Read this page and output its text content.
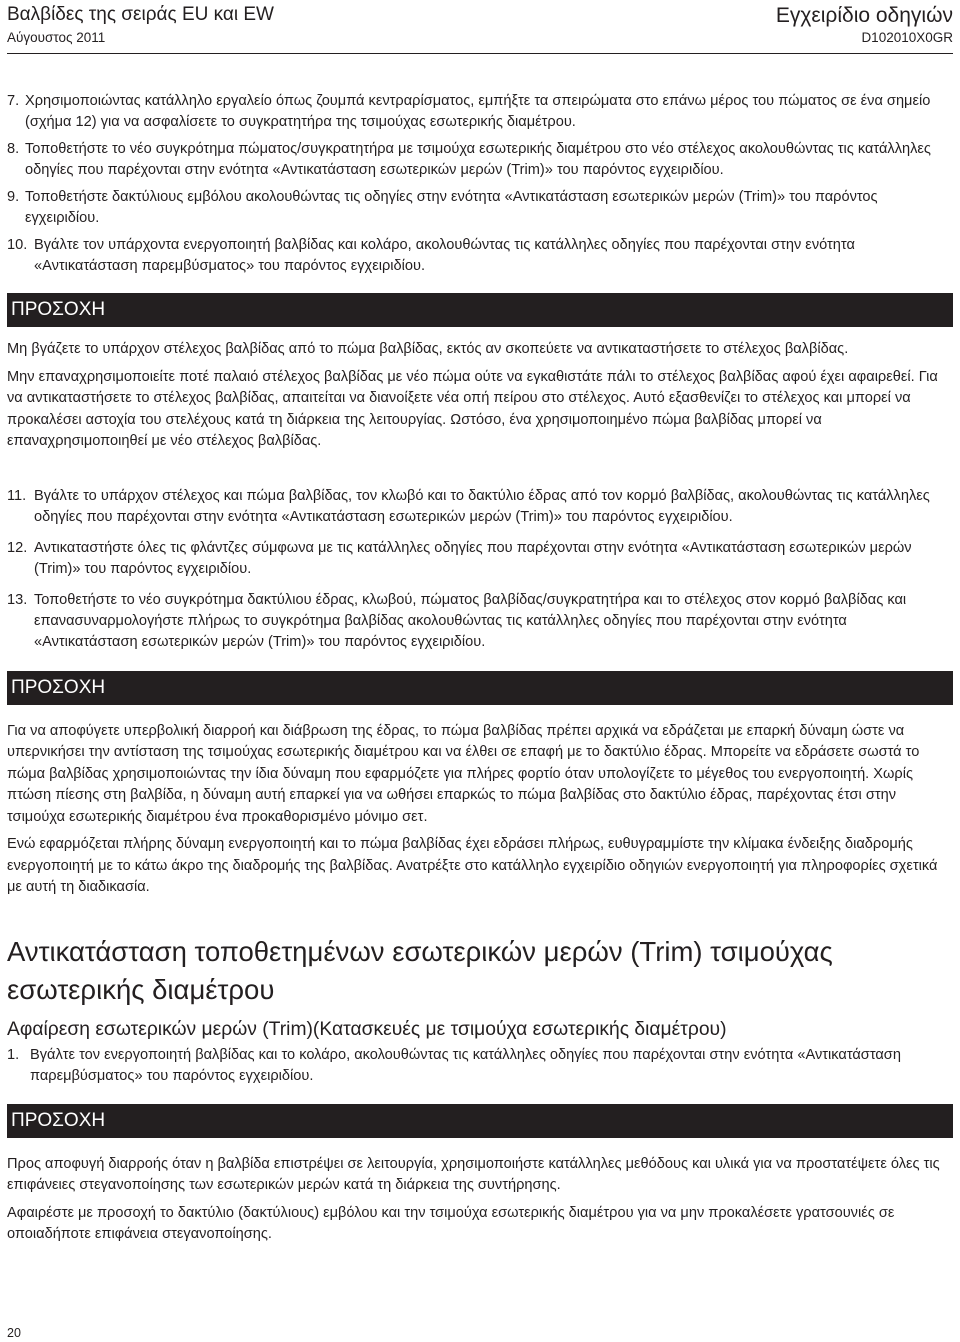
Βαλβίδες της σειράς EU και EW
Αύγουστος 2011
Εγχειρίδιο οδηγιών
D102010X0GR

7. Χρησιμοποιώντας κατάλληλο εργαλείο όπως ζουμπά κεντραρίσματος, εμπήξτε τα σπειρώματα στο επάνω μέρος του πώματος σε ένα σημείο (σχήμα 12) για να ασφαλίσετε το συγκρατητήρα της τσιμούχας εσωτερικής διαμέτρου.

8. Τοποθετήστε το νέο συγκρότημα πώματος/συγκρατητήρα με τσιμούχα εσωτερικής διαμέτρου στο νέο στέλεχος ακολουθώντας τις κατάλληλες οδηγίες που παρέχονται στην ενότητα «Αντικατάσταση εσωτερικών μερών (Trim)» του παρόντος εγχειριδίου.

9. Τοποθετήστε δακτύλιους εμβόλου ακολουθώντας τις οδηγίες στην ενότητα «Αντικατάσταση εσωτερικών μερών (Trim)» του παρόντος εγχειριδίου.

10. Βγάλτε τον υπάρχοντα ενεργοποιητή βαλβίδας και κολάρο, ακολουθώντας τις κατάλληλες οδηγίες που παρέχονται στην ενότητα «Αντικατάσταση παρεμβύσματος» του παρόντος εγχειριδίου.

ΠΡΟΣΟΧΗ

Μη βγάζετε το υπάρχον στέλεχος βαλβίδας από το πώμα βαλβίδας, εκτός αν σκοπεύετε να αντικαταστήσετε το στέλεχος βαλβίδας.

Μην επαναχρησιμοποιείτε ποτέ παλαιό στέλεχος βαλβίδας με νέο πώμα ούτε να εγκαθιστάτε πάλι το στέλεχος βαλβίδας αφού έχει αφαιρεθεί. Για να αντικαταστήσετε το στέλεχος βαλβίδας, απαιτείται να διανοίξετε νέα οπή πείρου στο στέλεχος. Αυτό εξασθενίζει το στέλεχος και μπορεί να προκαλέσει αστοχία του στελέχους κατά τη διάρκεια της λειτουργίας. Ωστόσο, ένα χρησιμοποιημένο πώμα βαλβίδας μπορεί να επαναχρησιμοποιηθεί με νέο στέλεχος βαλβίδας.

11. Βγάλτε το υπάρχον στέλεχος και πώμα βαλβίδας, τον κλωβό και το δακτύλιο έδρας από τον κορμό βαλβίδας, ακολουθώντας τις κατάλληλες οδηγίες που παρέχονται στην ενότητα «Αντικατάσταση εσωτερικών μερών (Trim)» του παρόντος εγχειριδίου.

12. Αντικαταστήστε όλες τις φλάντζες σύμφωνα με τις κατάλληλες οδηγίες που παρέχονται στην ενότητα «Αντικατάσταση εσωτερικών μερών (Trim)» του παρόντος εγχειριδίου.

13. Τοποθετήστε το νέο συγκρότημα δακτύλιου έδρας, κλωβού, πώματος βαλβίδας/συγκρατητήρα και το στέλεχος στον κορμό βαλβίδας και επανασυναρμολογήστε πλήρως το συγκρότημα βαλβίδας ακολουθώντας τις κατάλληλες οδηγίες που παρέχονται στην ενότητα «Αντικατάσταση εσωτερικών μερών (Trim)» του παρόντος εγχειριδίου.

ΠΡΟΣΟΧΗ

Για να αποφύγετε υπερβολική διαρροή και διάβρωση της έδρας, το πώμα βαλβίδας πρέπει αρχικά να εδράζεται με επαρκή δύναμη ώστε να υπερνικήσει την αντίσταση της τσιμούχας εσωτερικής διαμέτρου και να έλθει σε επαφή με το δακτύλιο έδρας. Μπορείτε να εδράσετε σωστά το πώμα βαλβίδας χρησιμοποιώντας την ίδια δύναμη που εφαρμόζετε για πλήρες φορτίο όταν υπολογίζετε το μέγεθος του ενεργοποιητή. Χωρίς πτώση πίεσης στη βαλβίδα, η δύναμη αυτή επαρκεί για να ωθήσει επαρκώς το πώμα βαλβίδας στο δακτύλιο έδρας, παρέχοντας έτσι στην τσιμούχα εσωτερικής διαμέτρου ένα προκαθορισμένο μόνιμο σετ.

Ενώ εφαρμόζεται πλήρης δύναμη ενεργοποιητή και το πώμα βαλβίδας έχει εδράσει πλήρως, ευθυγραμμίστε την κλίμακα ένδειξης διαδρομής ενεργοποιητή με το κάτω άκρο της διαδρομής της βαλβίδας. Ανατρέξτε στο κατάλληλο εγχειρίδιο οδηγιών ενεργοποιητή για πληροφορίες σχετικά με αυτή τη διαδικασία.

Αντικατάσταση τοποθετημένων εσωτερικών μερών (Trim) τσιμούχας εσωτερικής διαμέτρου
Αφαίρεση εσωτερικών μερών (Trim)(Κατασκευές με τσιμούχα εσωτερικής διαμέτρου)

1. Βγάλτε τον ενεργοποιητή βαλβίδας και το κολάρο, ακολουθώντας τις κατάλληλες οδηγίες που παρέχονται στην ενότητα «Αντικατάσταση παρεμβύσματος» του παρόντος εγχειριδίου.

ΠΡΟΣΟΧΗ

Προς αποφυγή διαρροής όταν η βαλβίδα επιστρέψει σε λειτουργία, χρησιμοποιήστε κατάλληλες μεθόδους και υλικά για να προστατέψετε όλες τις επιφάνειες στεγανοποίησης των εσωτερικών μερών κατά τη διάρκεια της συντήρησης.

Αφαιρέστε με προσοχή το δακτύλιο (δακτύλιους) εμβόλου και την τσιμούχα εσωτερικής διαμέτρου για να μην προκαλέσετε γρατσουνιές σε οποιαδήποτε επιφάνεια στεγανοποίησης.

20
